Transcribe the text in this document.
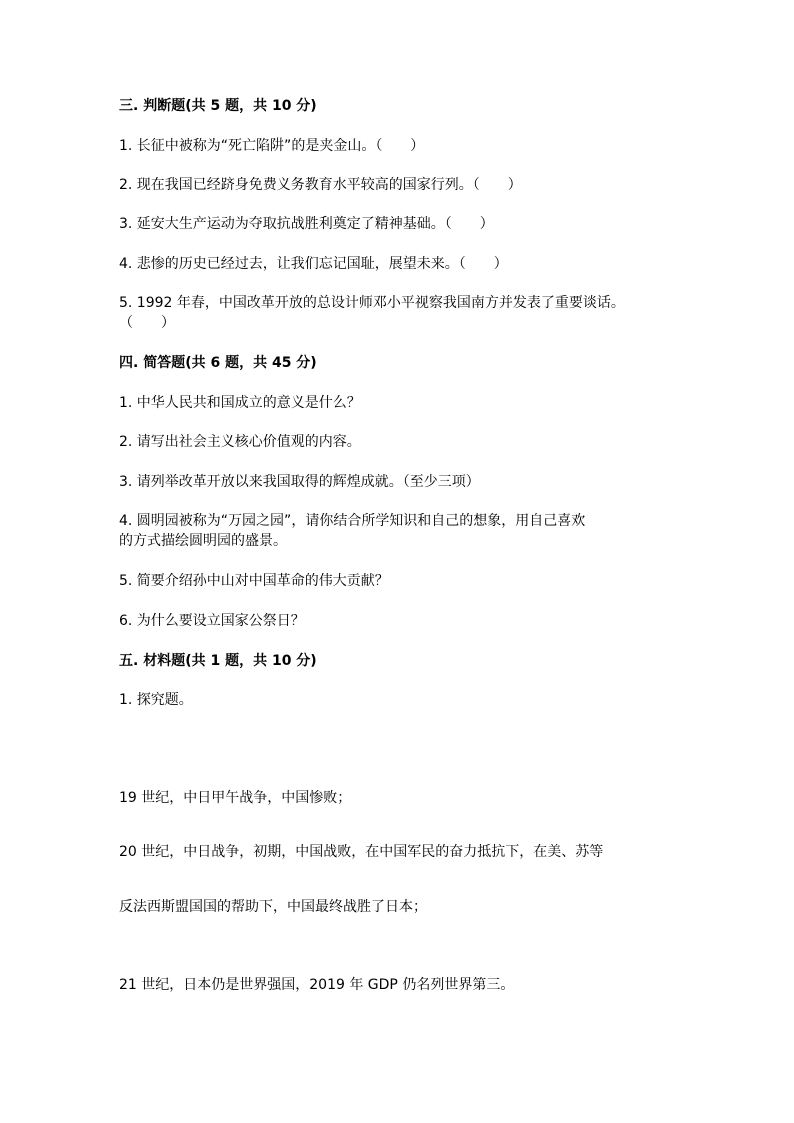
三. 判断题(共 5 题，共 10 分)
1. 长征中被称为“死亡陷阱”的是夹金山。（　　）
2. 现在我国已经跻身免费义务教育水平较高的国家行列。（　　）
3. 延安大生产运动为夺取抗战胜利奠定了精神基础。（　　）
4. 悲惨的历史已经过去，让我们忘记国耻，展望未来。（　　）
5. 1992 年春，中国改革开放的总设计师邓小平视察我国南方并发表了重要谈话。
（　　）
四. 简答题(共 6 题，共 45 分)
1. 中华人民共和国成立的意义是什么？
2. 请写出社会主义核心价值观的内容。
3. 请列举改革开放以来我国取得的辉煌成就。（至少三项）
4. 圆明园被称为“万园之园”，请你结合所学知识和自己的想象，用自己喜欢
的方式描绘圆明园的盛景。
5. 简要介绍孙中山对中国革命的伟大贡献？
6. 为什么要设立国家公祭日？
五. 材料题(共 1 题，共 10 分)
1. 探究题。
19 世纪，中日甲午战争，中国惨败；
20 世纪，中日战争，初期，中国战败，在中国军民的奋力抵抗下，在美、苏等
反法西斯盟国国的帮助下，中国最终战胜了日本；
21 世纪，日本仍是世界强国，2019 年 GDP 仍名列世界第三。
